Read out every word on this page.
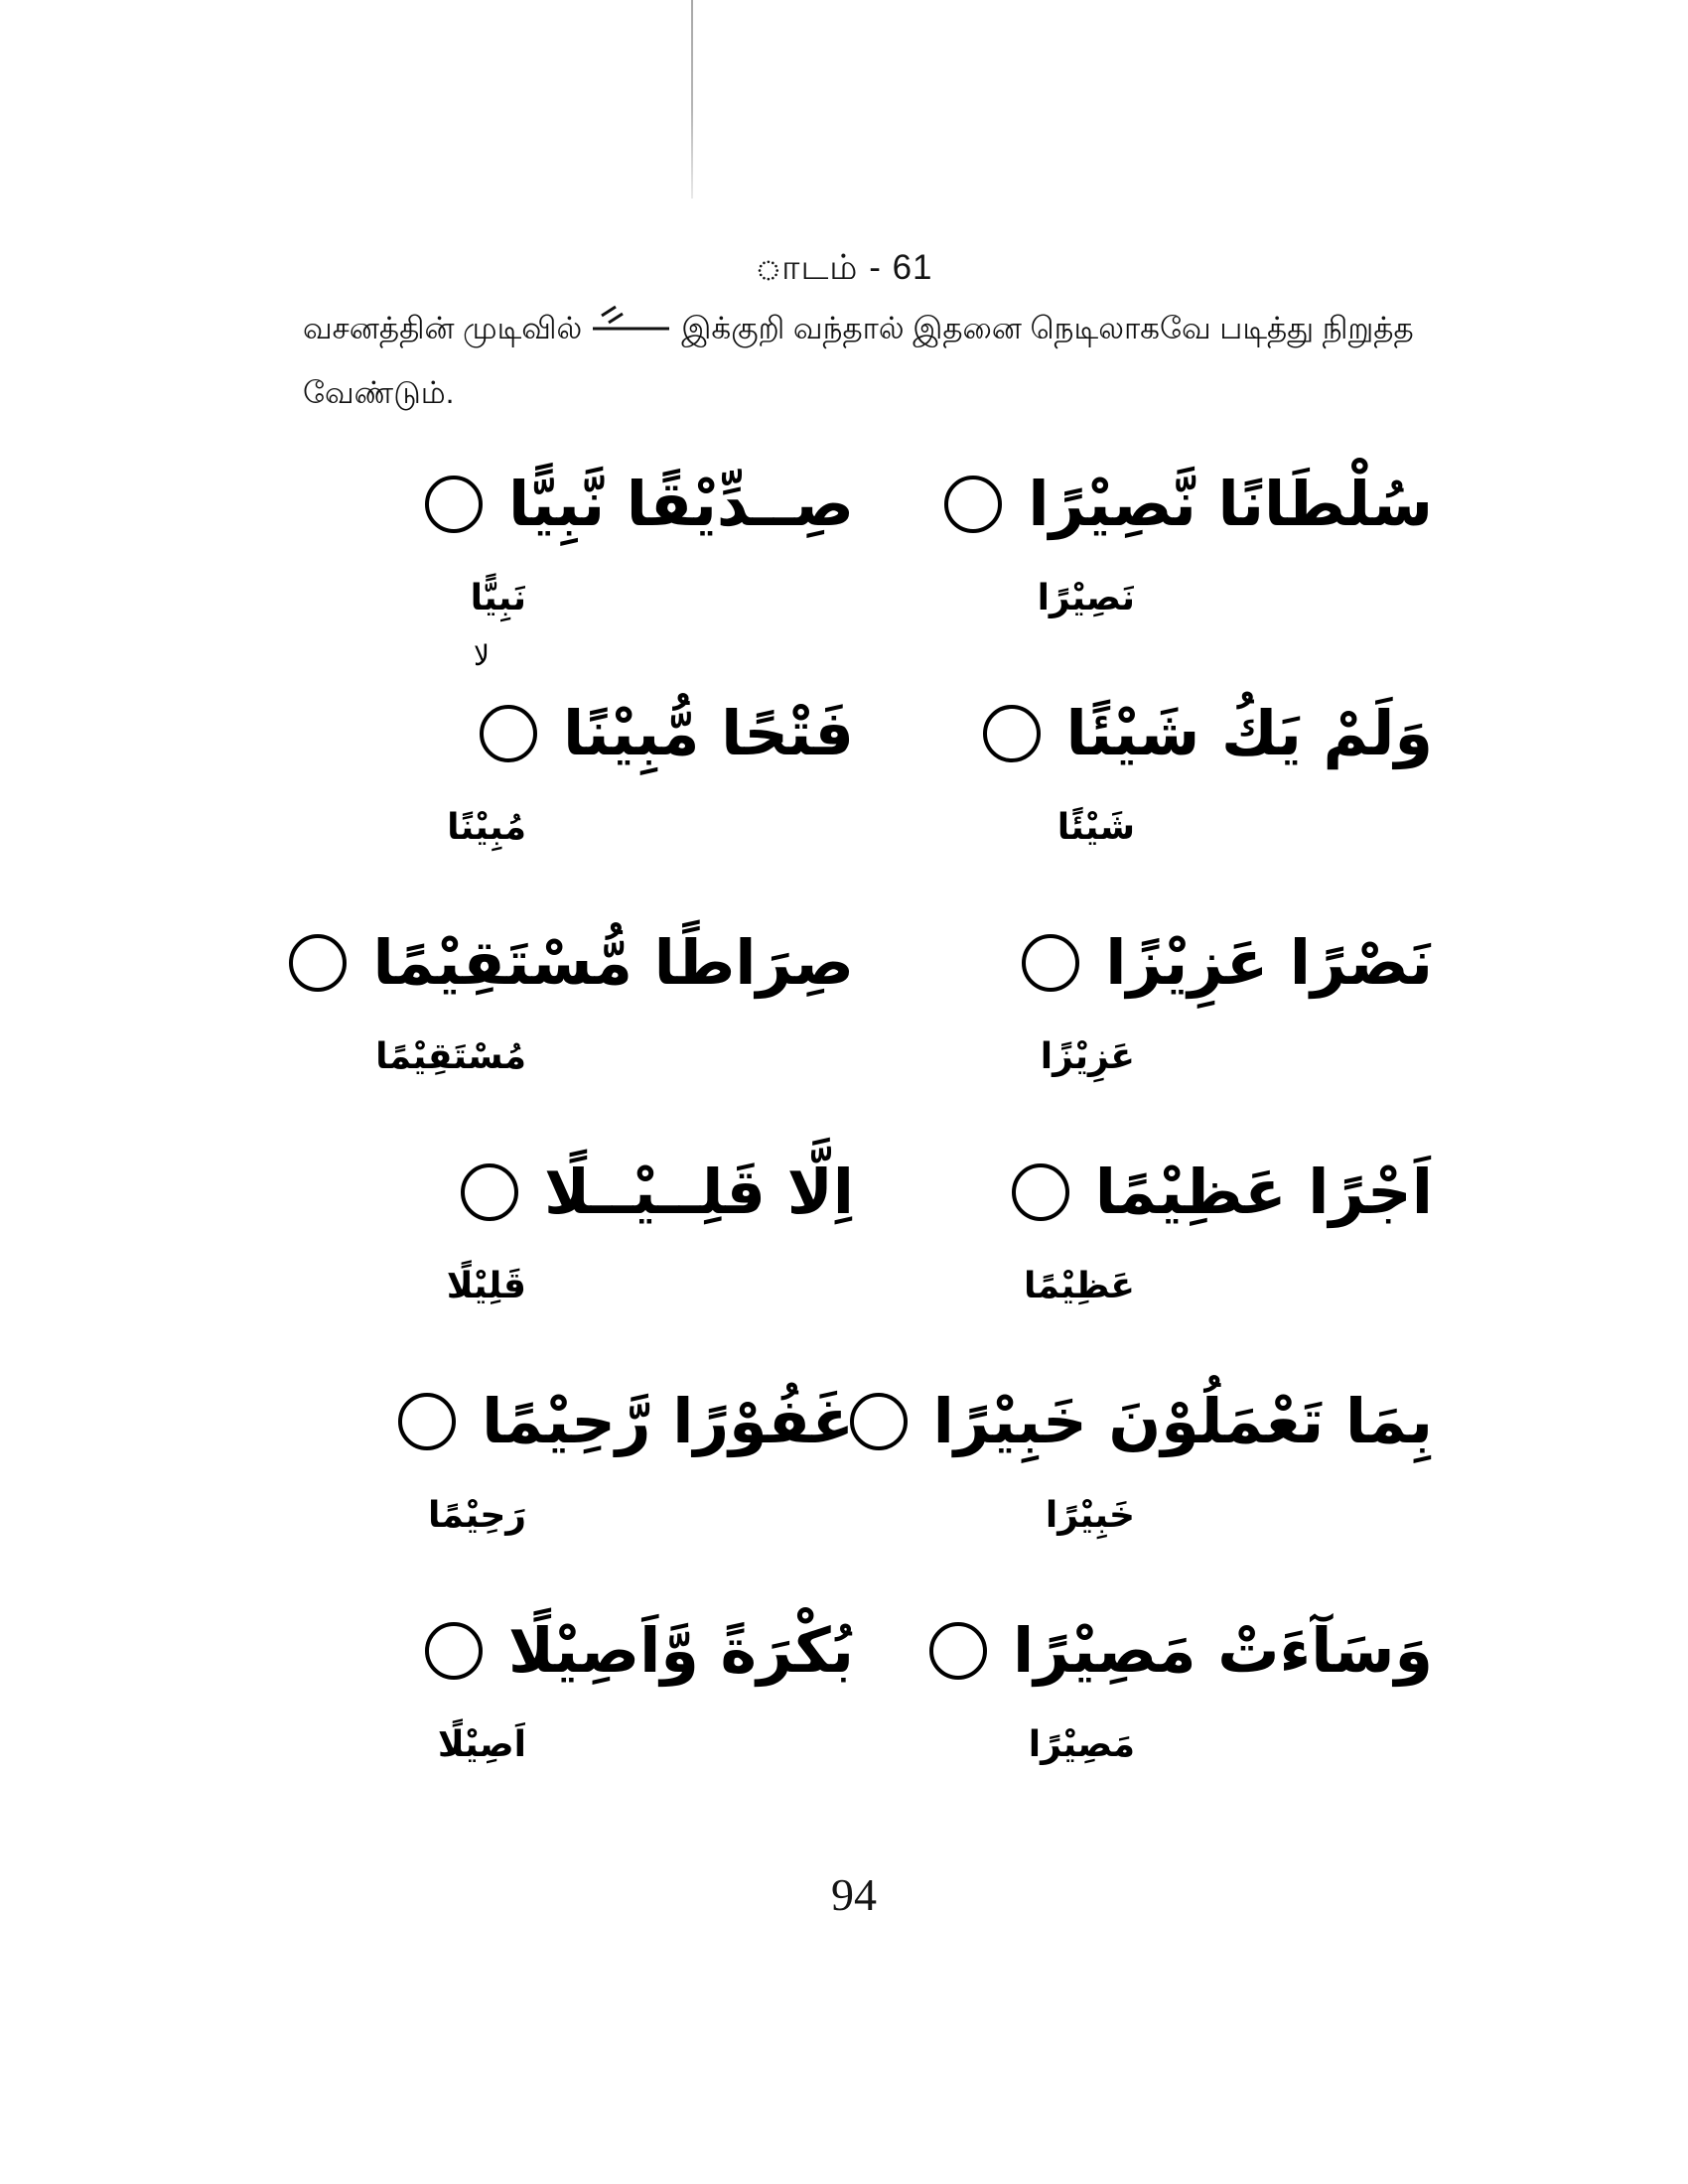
ாடம் - 61
வசனத்தின் முடிவில்	இக்குறி வந்தால் இதனை நெடிலாகவே படித்து நிறுத்த
வேண்டும்.
سُلْطَانًا نَّصِيْرًا
نَصِيْرًا
صِــدِّيْقًا نَّبِيًّا
نَبِيًّا
وَلَمْ يَكُ شَيْئًا
شَيْئًا
فَتْحًا مُّبِيْنًا
لا
مُبِيْنًا
نَصْرًا عَزِيْزًا
عَزِيْزًا
صِرَاطًا مُّسْتَقِيْمًا
مُسْتَقِيْمًا
اَجْرًا عَظِيْمًا
عَظِيْمًا
اِلَّا قَلِــيْــلًا
قَلِيْلًا
بِمَا تَعْمَلُوْنَ خَبِيْرًا
خَبِيْرًا
غَفُوْرًا رَّحِيْمًا
رَحِيْمًا
وَسَآءَتْ مَصِيْرًا
مَصِيْرًا
بُكْرَةً وَّاَصِيْلًا
اَصِيْلًا
94
